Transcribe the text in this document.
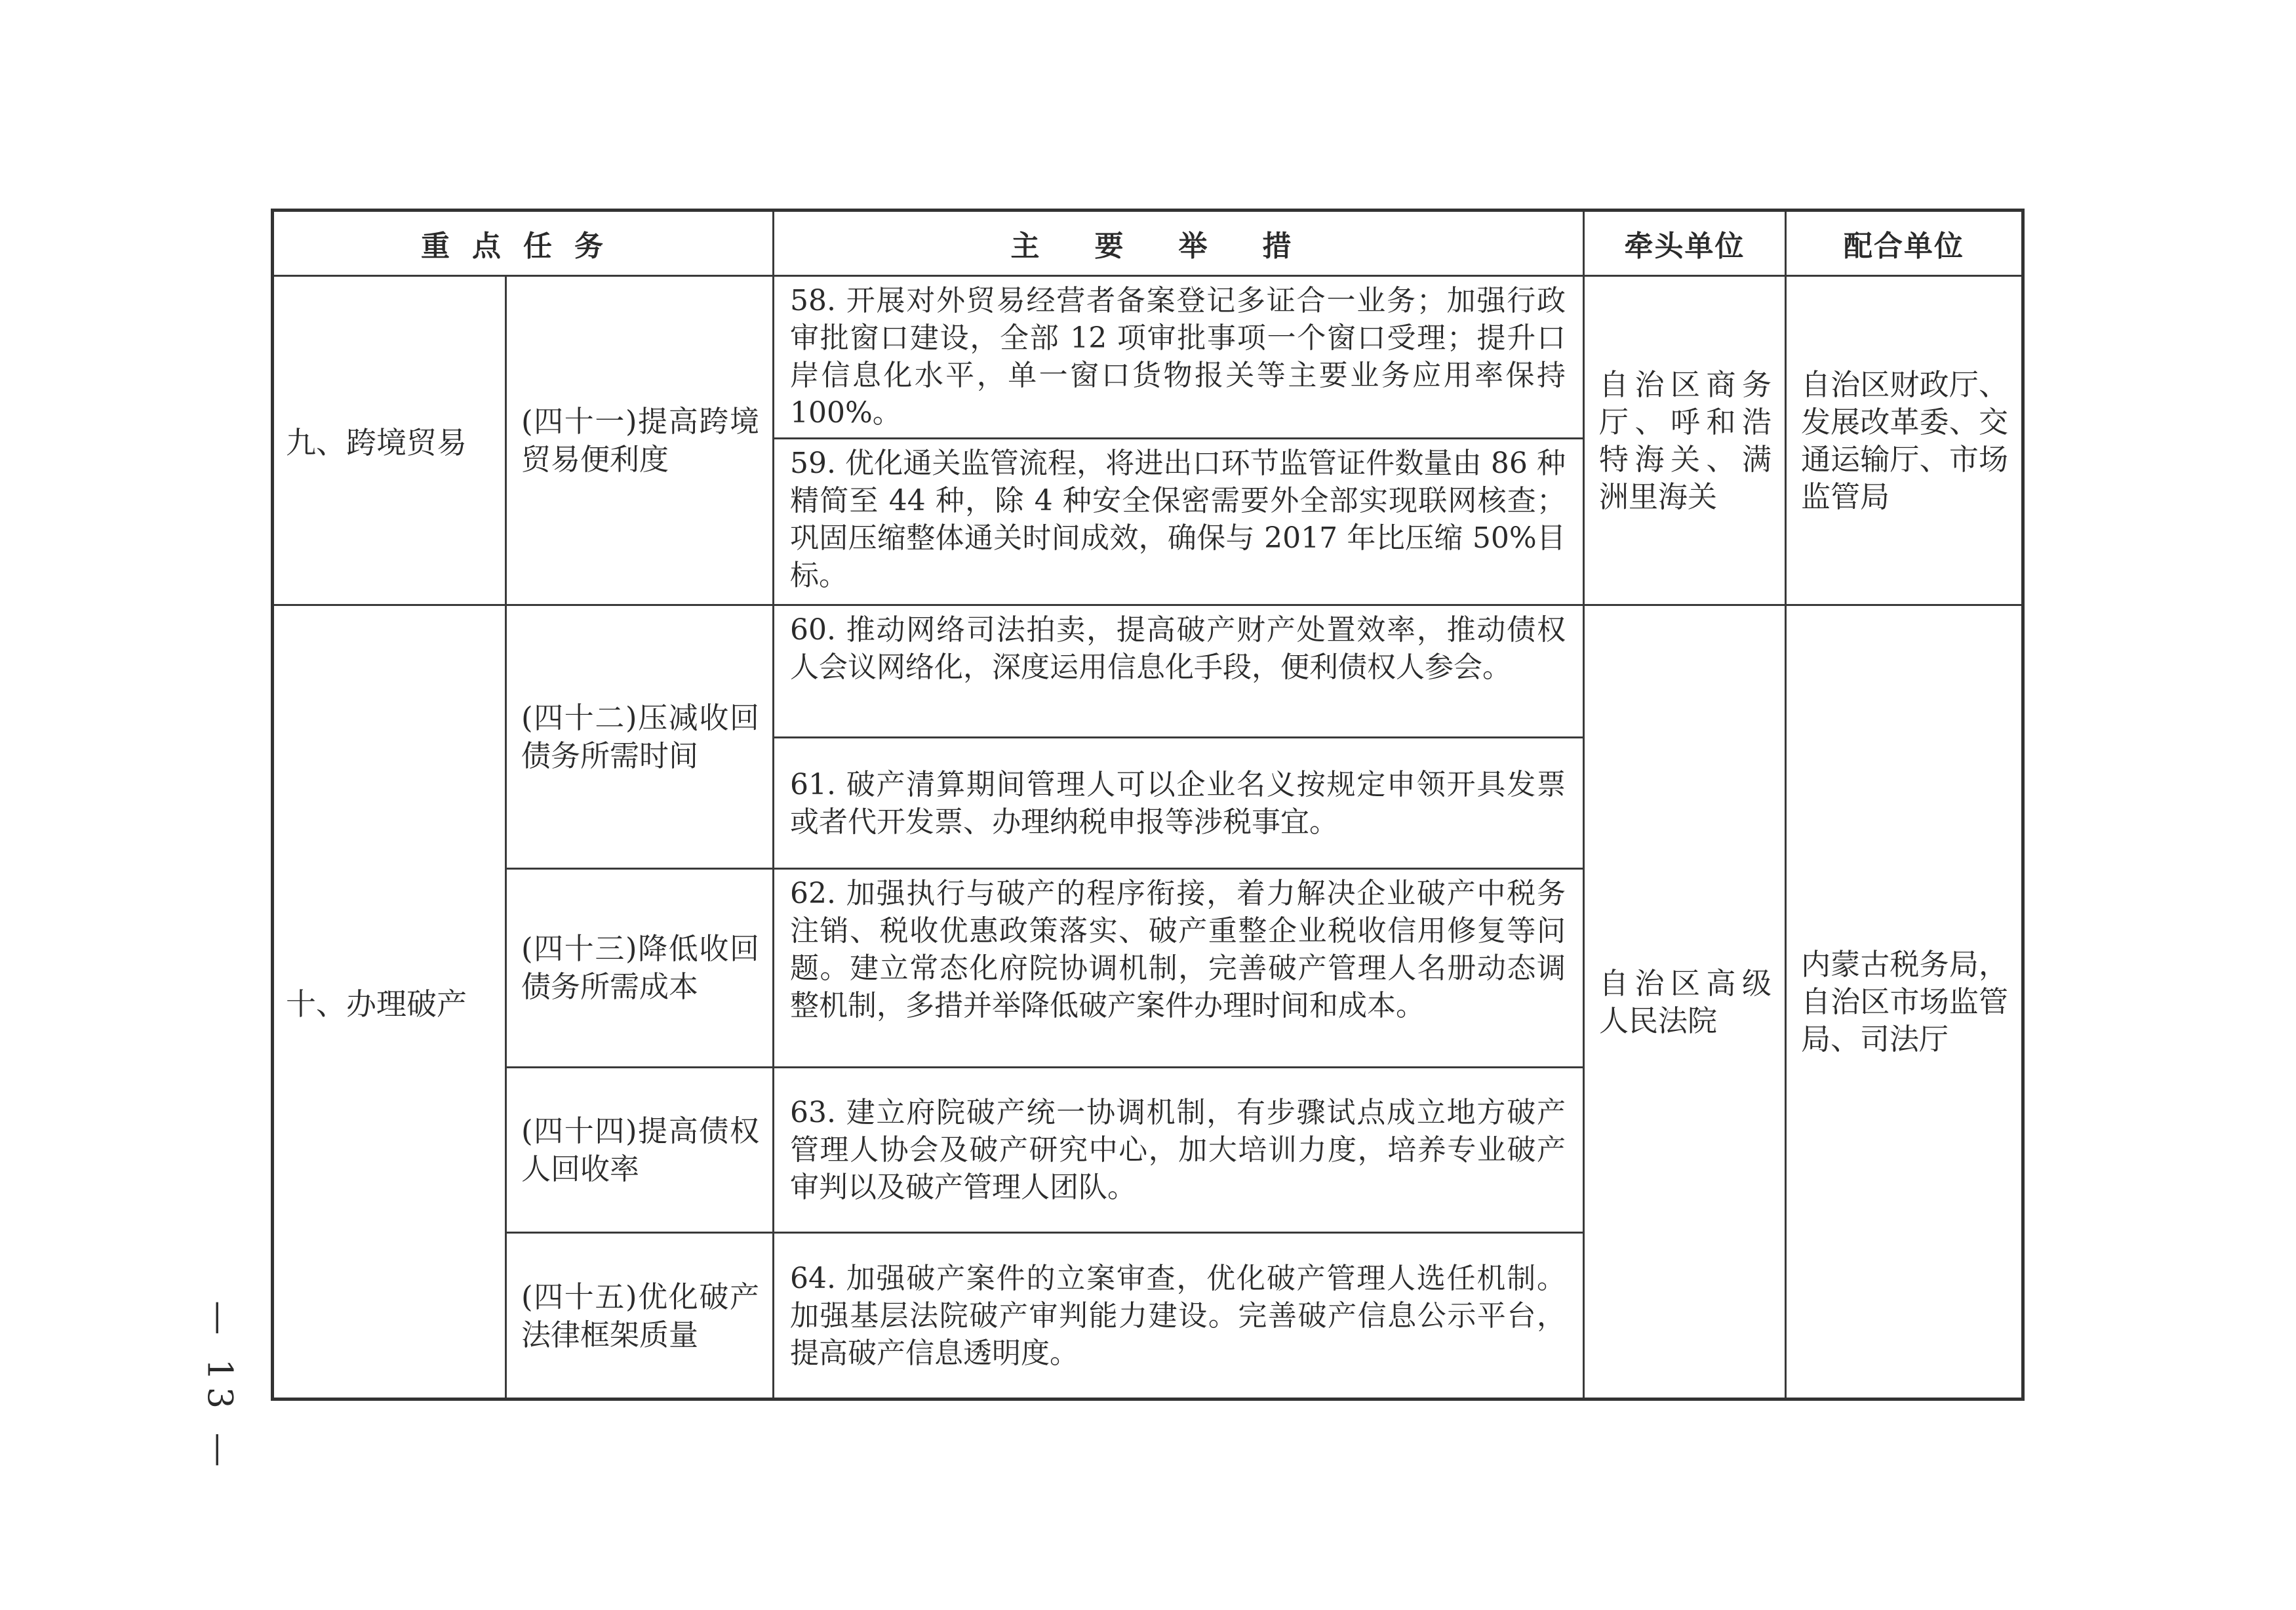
重点任务		主要举措	牵头单位	配合单位
九、跨境贸易	(四十一)提高跨境贸易便利度	58. 开展对外贸易经营者备案登记多证合一业务；加强行政审批窗口建设，全部 12 项审批事项一个窗口受理；提升口岸信息化水平，单一窗口货物报关等主要业务应用率保持 100%。	自治区商务厅、呼和浩特海关、满洲里海关	自治区财政厅、发展改革委、交通运输厅、市场监管局
		59. 优化通关监管流程，将进出口环节监管证件数量由 86 种精简至 44 种，除 4 种安全保密需要外全部实现联网核查；巩固压缩整体通关时间成效，确保与 2017 年比压缩 50%目标。		
十、办理破产	(四十二)压减收回债务所需时间	60. 推动网络司法拍卖，提高破产财产处置效率，推动债权人会议网络化，深度运用信息化手段，便利债权人参会。	自治区高级人民法院	内蒙古税务局，自治区市场监管局、司法厅
		61. 破产清算期间管理人可以企业名义按规定申领开具发票或者代开发票、办理纳税申报等涉税事宜。		
	(四十三)降低收回债务所需成本	62. 加强执行与破产的程序衔接，着力解决企业破产中税务注销、税收优惠政策落实、破产重整企业税收信用修复等问题。建立常态化府院协调机制，完善破产管理人名册动态调整机制，多措并举降低破产案件办理时间和成本。		
	(四十四)提高债权人回收率	63. 建立府院破产统一协调机制，有步骤试点成立地方破产管理人协会及破产研究中心，加大培训力度，培养专业破产审判以及破产管理人团队。		
	(四十五)优化破产法律框架质量	64. 加强破产案件的立案审查，优化破产管理人选任机制。加强基层法院破产审判能力建设。完善破产信息公示平台，提高破产信息透明度。		

— 13 —
